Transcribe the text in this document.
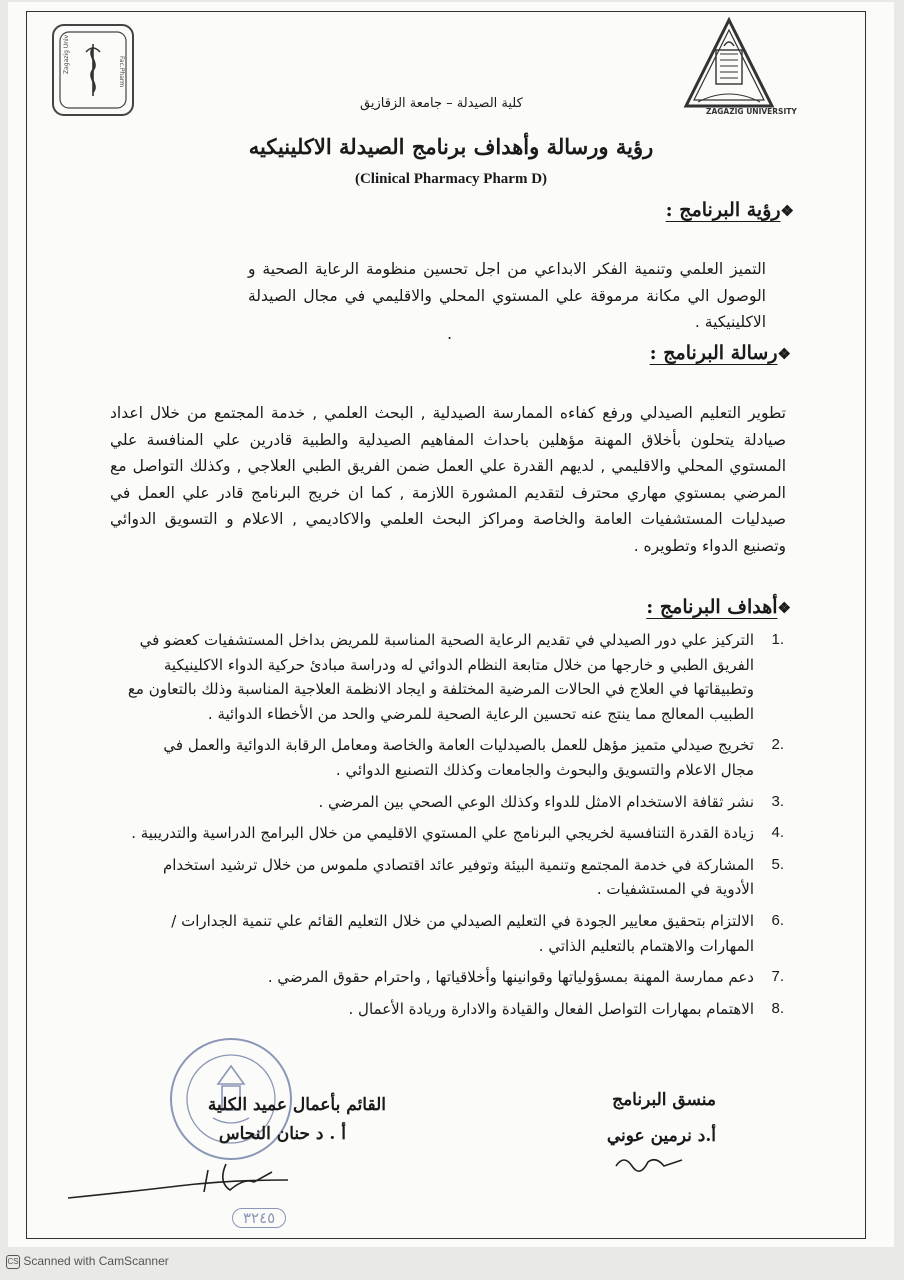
Zagazig Univ	Fac.Pharm
ZAGAZIG UNIVERSITY
كلية الصيدلة – جامعة الزقازيق
رؤية ورسالة وأهداف برنامج الصيدلة الاكلينيكيه
(Clinical Pharmacy Pharm D)
❖رؤية البرنامج :
التميز العلمي وتنمية الفكر الابداعي من اجل تحسين منظومة الرعاية الصحية و الوصول الي مكانة مرموقة علي المستوي المحلي والاقليمي في مجال الصيدلة الاكلينيكية .
.
❖رسالة البرنامج :
تطوير التعليم الصيدلي ورفع كفاءه الممارسة الصيدلية , البحث العلمي , خدمة المجتمع من خلال اعداد صيادلة يتحلون بأخلاق المهنة مؤهلين باحداث المفاهيم الصيدلية والطبية قادرين علي المنافسة علي المستوي المحلي والاقليمي , لديهم القدرة علي العمل ضمن الفريق الطبي العلاجي , وكذلك التواصل مع المرضي بمستوي مهاري محترف لتقديم المشورة اللازمة , كما ان خريج البرنامج قادر علي العمل في صيدليات المستشفيات العامة والخاصة ومراكز البحث العلمي والاكاديمي , الاعلام و التسويق الدوائي وتصنيع الدواء وتطويره .
❖أهداف البرنامج :
.1
التركيز علي دور الصيدلي في تقديم الرعاية الصحية المناسبة للمريض بداخل المستشفيات كعضو في الفريق الطبي و خارجها من خلال متابعة النظام الدوائي له ودراسة مبادئ حركية الدواء الاكلينيكية وتطبيقاتها في العلاج في الحالات المرضية المختلفة و ايجاد الانظمة العلاجية المناسبة وذلك بالتعاون مع الطبيب المعالج مما ينتج عنه تحسين الرعاية الصحية للمرضي والحد من الأخطاء الدوائية .
.2
تخريج صيدلي متميز مؤهل للعمل بالصيدليات العامة والخاصة ومعامل الرقابة الدوائية والعمل في مجال الاعلام والتسويق والبحوث والجامعات وكذلك التصنيع الدوائي .
.3
نشر ثقافة الاستخدام الامثل للدواء وكذلك الوعي الصحي بين المرضي .
.4
زيادة القدرة التنافسية لخريجي البرنامج علي المستوي الاقليمي من خلال البرامج الدراسية والتدريبية .
.5
المشاركة في خدمة المجتمع وتنمية البيئة وتوفير عائد اقتصادي ملموس من خلال ترشيد استخدام الأدوية في المستشفيات .
.6
الالتزام بتحقيق معايير الجودة في التعليم الصيدلي من خلال التعليم القائم علي تنمية الجدارات / المهارات والاهتمام بالتعليم الذاتي .
.7
دعم ممارسة المهنة بمسؤولياتها وقوانينها وأخلاقياتها , واحترام حقوق المرضي .
.8
الاهتمام بمهارات التواصل الفعال والقيادة والادارة وريادة الأعمال .
منسق البرنامج
أ.د نرمين عوني
القائم بأعمال عميد الكلية
أ . د حنان النحاس
٣٢٤٥
CS Scanned with CamScanner
